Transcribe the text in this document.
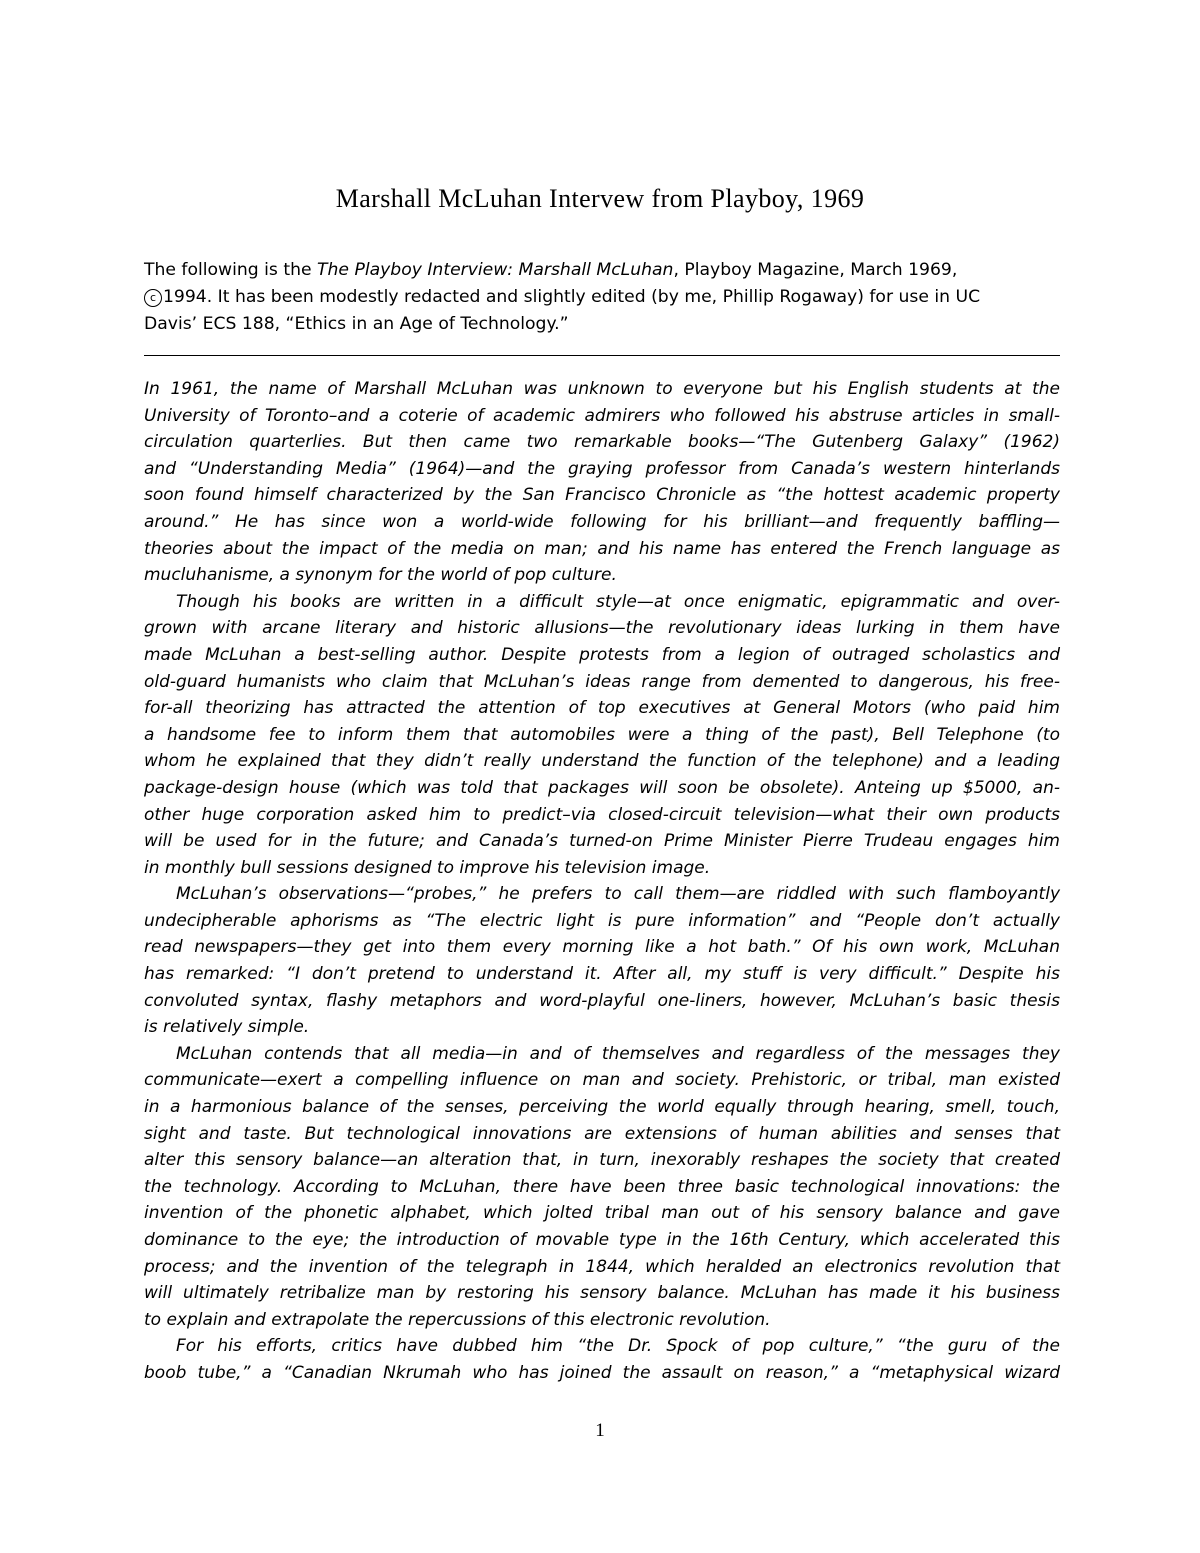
Marshall McLuhan Intervew from Playboy, 1969
The following is the The Playboy Interview: Marshall McLuhan, Playboy Magazine, March 1969,
c 1994. It has been modestly redacted and slightly edited (by me, Phillip Rogaway) for use in UC
Davis’ ECS 188, “Ethics in an Age of Technology.”
In 1961, the name of Marshall McLuhan was unknown to everyone but his English students at the
University of Toronto–and a coterie of academic admirers who followed his abstruse articles in small-
circulation quarterlies. But then came two remarkable books—“The Gutenberg Galaxy” (1962)
and “Understanding Media” (1964)—and the graying professor from Canada’s western hinterlands
soon found himself characterized by the San Francisco Chronicle as “the hottest academic property
around.” He has since won a world-wide following for his brilliant—and frequently baffling—
theories about the impact of the media on man; and his name has entered the French language as
mucluhanisme, a synonym for the world of pop culture.
Though his books are written in a difficult style—at once enigmatic, epigrammatic and over-
grown with arcane literary and historic allusions—the revolutionary ideas lurking in them have
made McLuhan a best-selling author. Despite protests from a legion of outraged scholastics and
old-guard humanists who claim that McLuhan’s ideas range from demented to dangerous, his free-
for-all theorizing has attracted the attention of top executives at General Motors (who paid him
a handsome fee to inform them that automobiles were a thing of the past), Bell Telephone (to
whom he explained that they didn’t really understand the function of the telephone) and a leading
package-design house (which was told that packages will soon be obsolete). Anteing up $5000, an-
other huge corporation asked him to predict–via closed-circuit television—what their own products
will be used for in the future; and Canada’s turned-on Prime Minister Pierre Trudeau engages him
in monthly bull sessions designed to improve his television image.
McLuhan’s observations—“probes,” he prefers to call them—are riddled with such flamboyantly
undecipherable aphorisms as “The electric light is pure information” and “People don’t actually
read newspapers—they get into them every morning like a hot bath.” Of his own work, McLuhan
has remarked: “I don’t pretend to understand it. After all, my stuff is very difficult.” Despite his
convoluted syntax, flashy metaphors and word-playful one-liners, however, McLuhan’s basic thesis
is relatively simple.
McLuhan contends that all media—in and of themselves and regardless of the messages they
communicate—exert a compelling influence on man and society. Prehistoric, or tribal, man existed
in a harmonious balance of the senses, perceiving the world equally through hearing, smell, touch,
sight and taste. But technological innovations are extensions of human abilities and senses that
alter this sensory balance—an alteration that, in turn, inexorably reshapes the society that created
the technology. According to McLuhan, there have been three basic technological innovations: the
invention of the phonetic alphabet, which jolted tribal man out of his sensory balance and gave
dominance to the eye; the introduction of movable type in the 16th Century, which accelerated this
process; and the invention of the telegraph in 1844, which heralded an electronics revolution that
will ultimately retribalize man by restoring his sensory balance. McLuhan has made it his business
to explain and extrapolate the repercussions of this electronic revolution.
For his efforts, critics have dubbed him “the Dr. Spock of pop culture,” “the guru of the
boob tube,” a “Canadian Nkrumah who has joined the assault on reason,” a “metaphysical wizard
1
